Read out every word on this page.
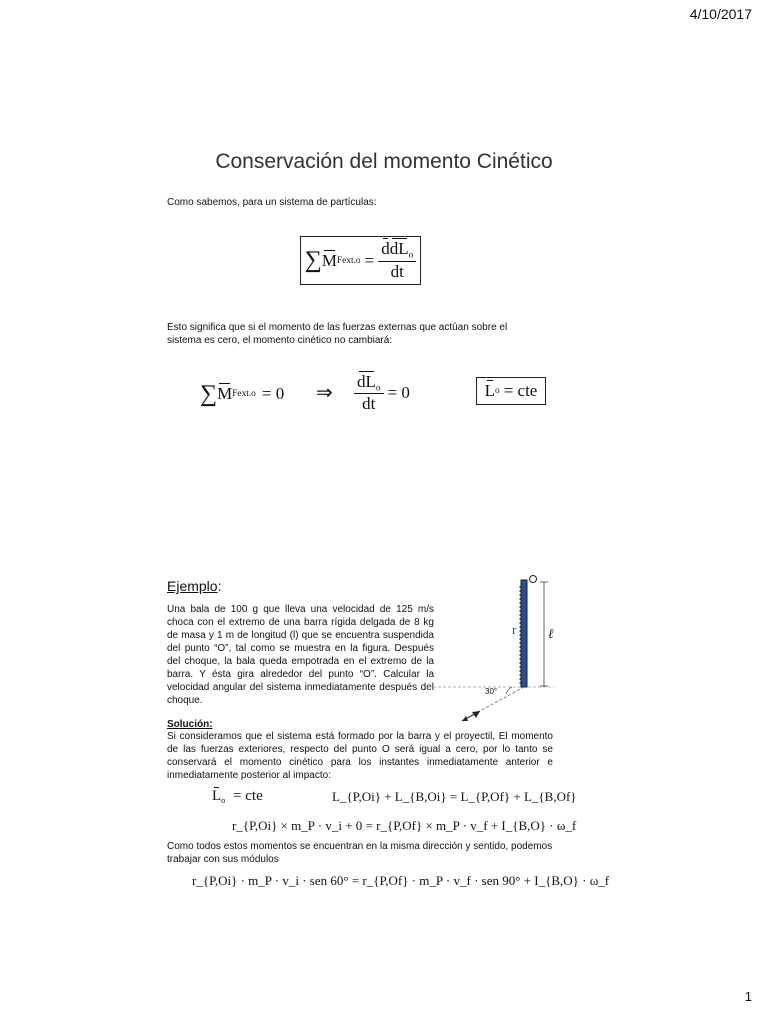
4/10/2017
Conservación del momento Cinético
Como sabemos, para un sistema de partículas:
∑ M Fext.o = $\frac{ddL_o}{dt}$
Esto significa que si el momento de las fuerzas externas que actúan sobre el sistema es cero, el momento cinético no cambiará:
∑ M Fext.o = 0 ⇒ $\frac{dL_o}{dt} = 0$	L o = cte
Ejemplo:
Una bala de 100 g que lleva una velocidad de 125 m/s choca con el extremo de una barra rígida delgada de 8 kg de masa y 1 m de longitud (l) que se encuentra suspendida del punto “O”, tal como se muestra en la figura. Después del choque, la bala queda empotrada en el extremo de la barra. Y ésta gira alrededor del punto “O”. Calcular la velocidad angular del sistema inmediatamente después del choque.
r ℓ
30°
Solución:
Si consideramos que el sistema está formado por la barra y el proyectil, El momento de las fuerzas exteriores, respecto del punto O será igual a cero, por lo tanto se conservará el momento cinético para los instantes inmediatamente anterior e inmediatamente posterior al impacto:
$L_o$ = cte	L_{P,Oi} + L_{B,Oi} = L_{P,Of} + L_{B,Of}
r_{P,Oi} × m_P · v_i + 0 = r_{P,Of} × m_P · v_f + I_{B,O} · ω_f
Como todos estos momentos se encuentran en la misma dirección y sentido, podemos trabajar con sus módulos
r_{P,Oi} · m_P · v_i · sen 60° = r_{P,Of} · m_P · v_f · sen 90° + I_{B,O} · ω_f
1
